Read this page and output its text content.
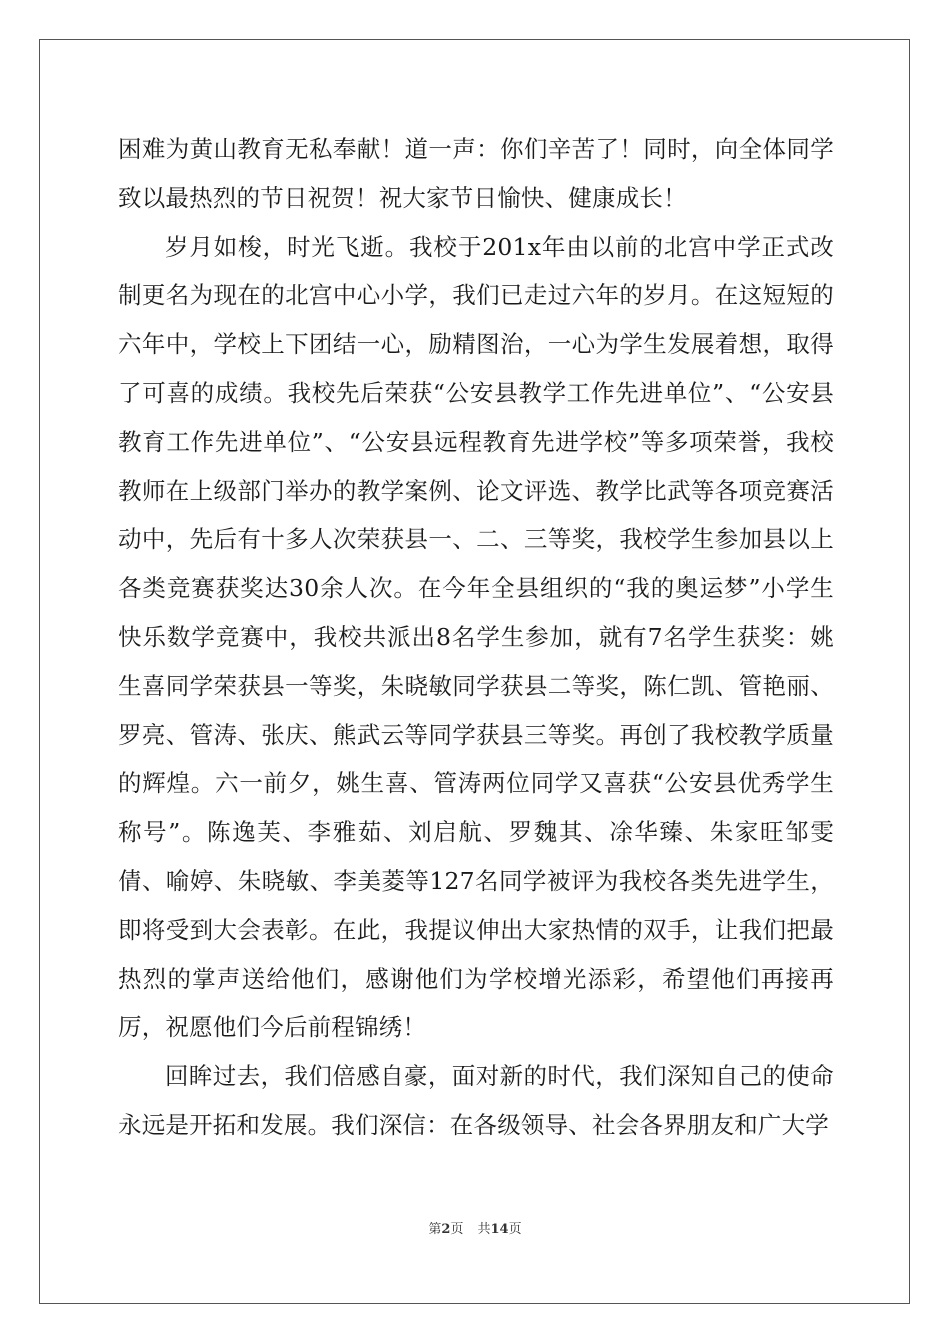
困难为黄山教育无私奉献！道一声：你们辛苦了！同时，向全体同学致以最热烈的节日祝贺！祝大家节日愉快、健康成长！

岁月如梭，时光飞逝。我校于201x年由以前的北宫中学正式改制更名为现在的北宫中心小学，我们已走过六年的岁月。在这短短的六年中，学校上下团结一心，励精图治，一心为学生发展着想，取得了可喜的成绩。我校先后荣获“公安县教学工作先进单位”、“公安县教育工作先进单位”、“公安县远程教育先进学校”等多项荣誉，我校教师在上级部门举办的教学案例、论文评选、教学比武等各项竞赛活动中，先后有十多人次荣获县一、二、三等奖，我校学生参加县以上各类竞赛获奖达30余人次。在今年全县组织的“我的奥运梦”小学生快乐数学竞赛中，我校共派出8名学生参加，就有7名学生获奖：姚生喜同学荣获县一等奖，朱晓敏同学获县二等奖，陈仁凯、管艳丽、罗亮、管涛、张庆、熊武云等同学获县三等奖。再创了我校教学质量的辉煌。六一前夕，姚生喜、管涛两位同学又喜获“公安县优秀学生称号”。陈逸芙、李雅茹、刘启航、罗魏其、凃华臻、朱家旺邹雯倩、喻婷、朱晓敏、李美菱等127名同学被评为我校各类先进学生，即将受到大会表彰。在此，我提议伸出大家热情的双手，让我们把最热烈的掌声送给他们，感谢他们为学校增光添彩，希望他们再接再厉，祝愿他们今后前程锦绣！

回眸过去，我们倍感自豪，面对新的时代，我们深知自己的使命永远是开拓和发展。我们深信：在各级领导、社会各界朋友和广大学

第2页 共14页
